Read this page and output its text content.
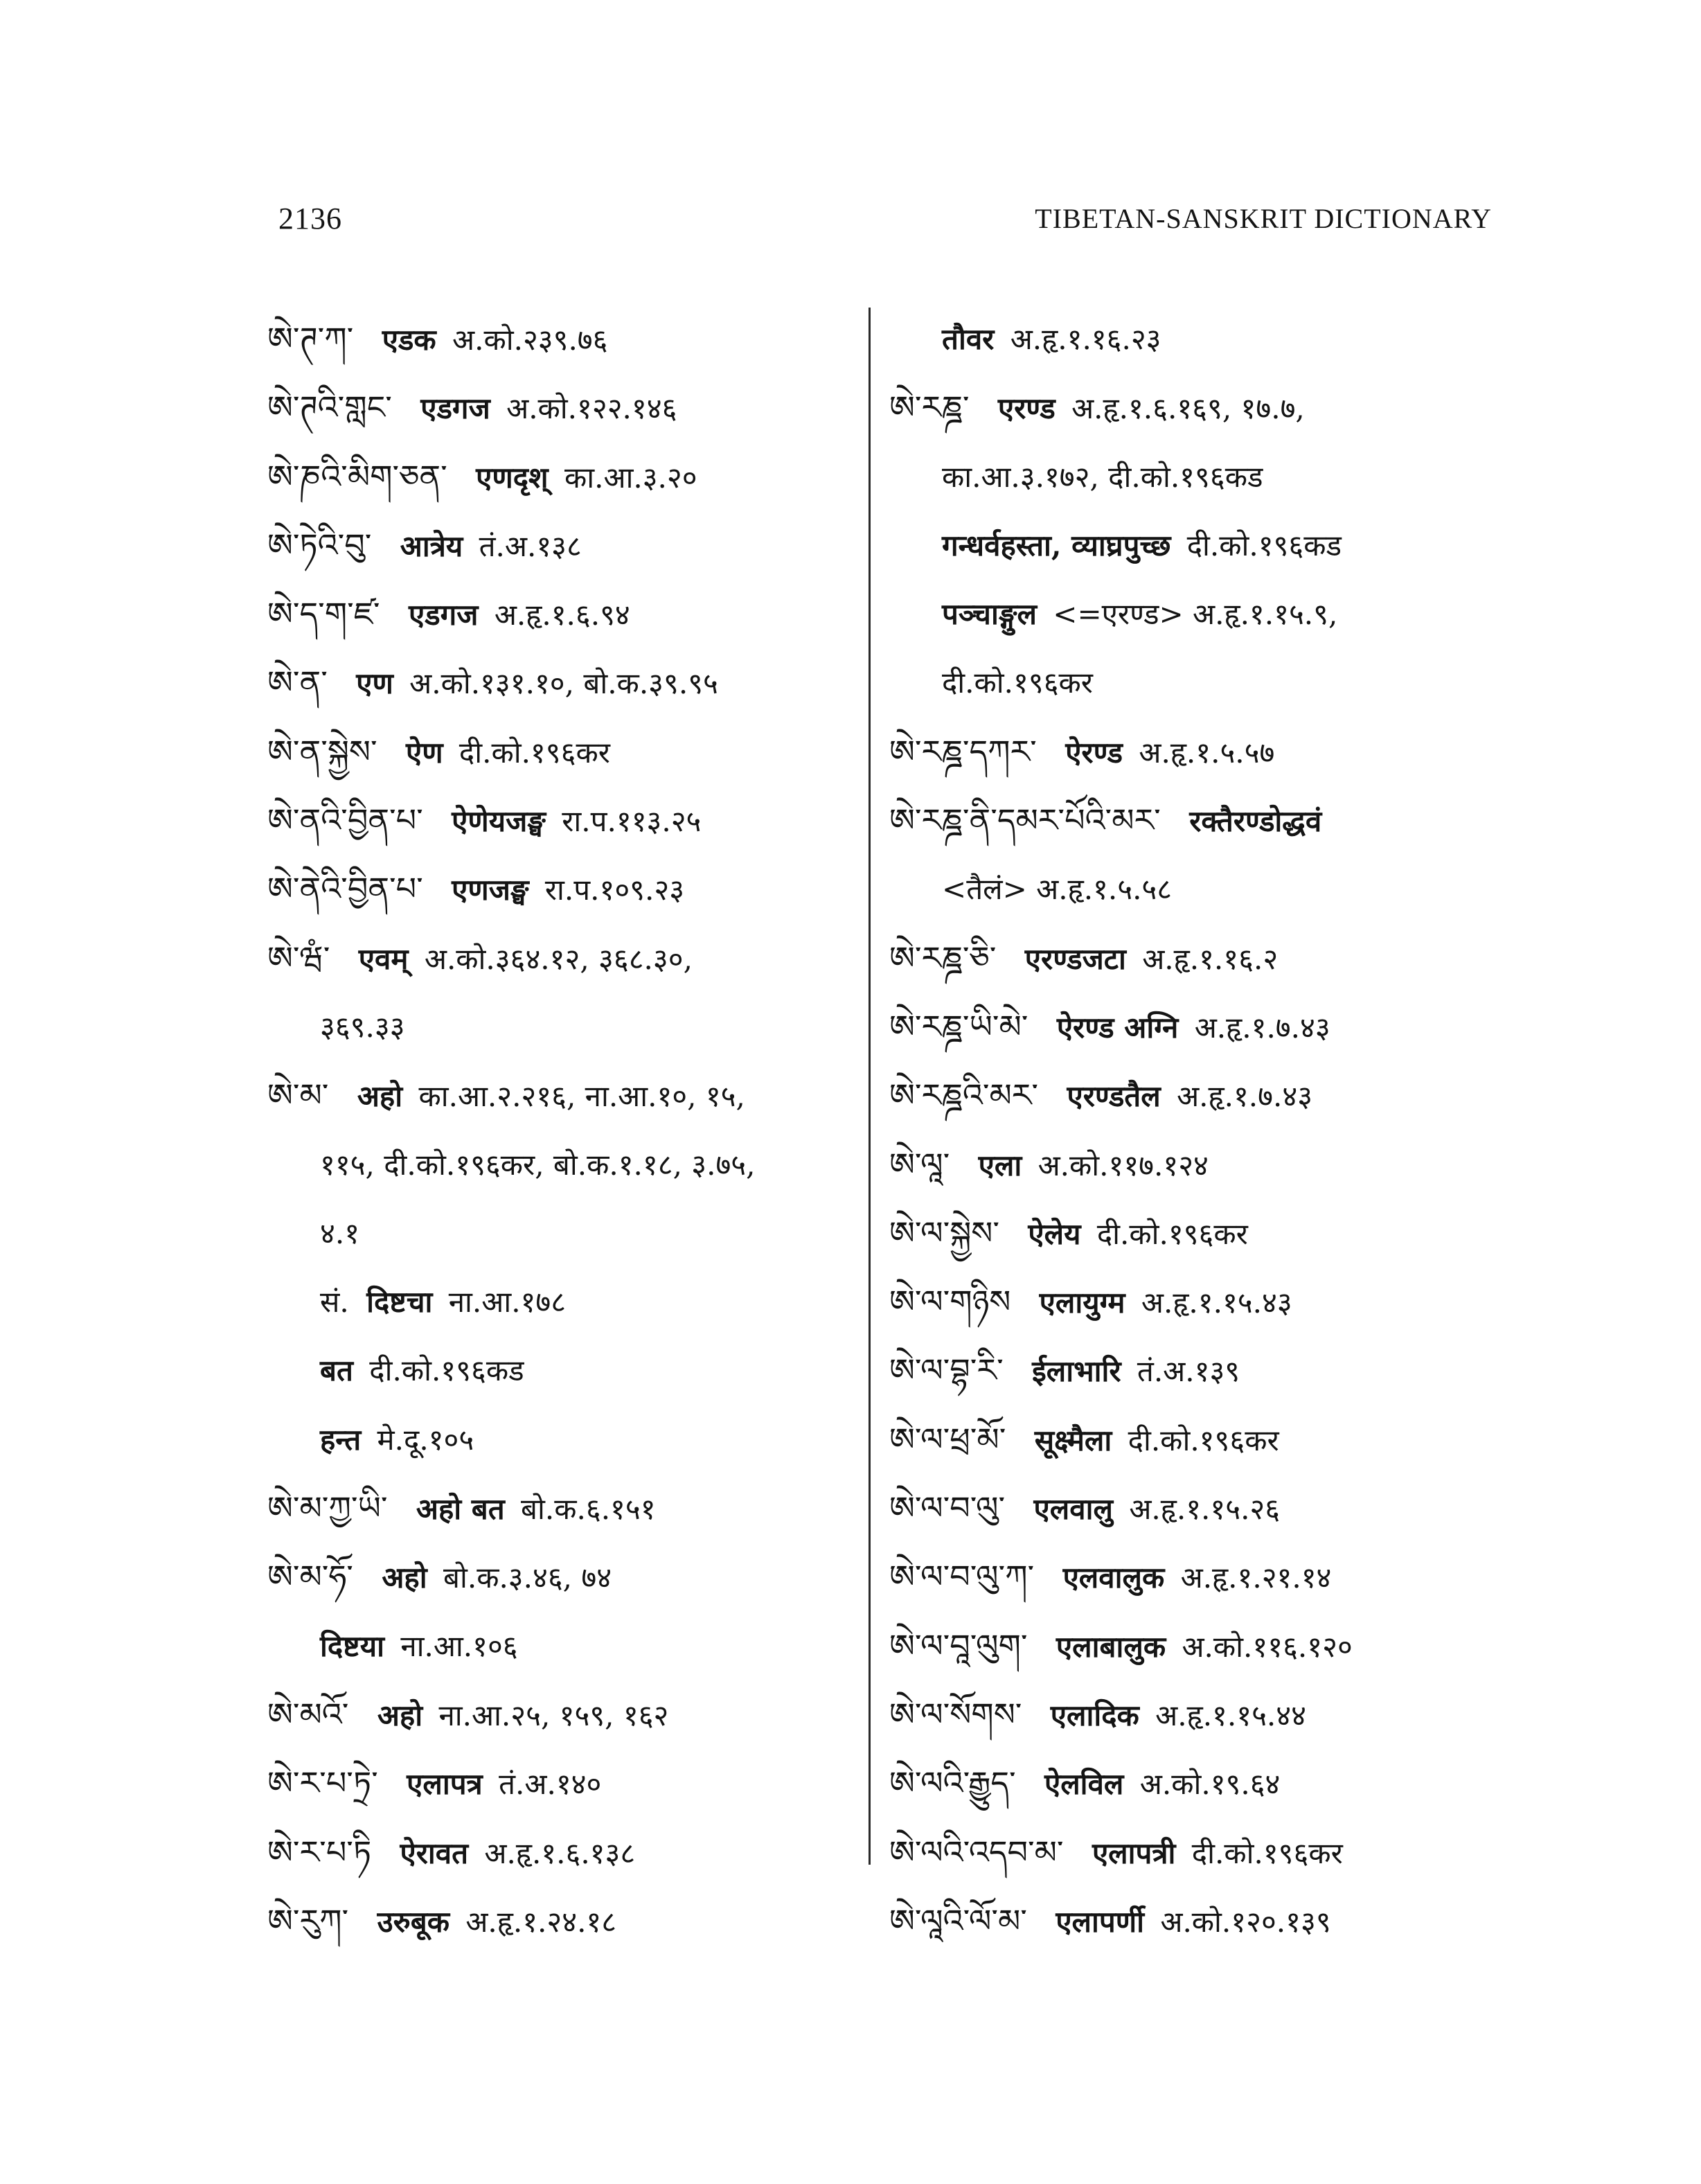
2136	TIBETAN-SANSKRIT DICTIONARY
ཨེ་ཊ་ཀ་ एडक अ.को.२३९.७६
ཨེ་ཊའི་གླང་ एडगज अ.को.१२२.१४६
ཨེ་ཎའི་མིག་ཅན་ एणदृश् का.आ.३.२०
ཨེ་ཏེའི་བུ་ आत्रेय तं.अ.१३८
ཨེ་ད་ག་ཛ་ एडगज अ.हृ.१.६.९४
ཨེ་ན་ एण अ.को.१३१.१०, बो.क.३९.९५
ཨེ་ན་སྐྱེས་ ऐण दी.को.१९६कर
ཨེ་ནའི་བྱིན་པ་ ऐणेयजङ्घ रा.प.११३.२५
ཨེ་ནེའི་བྱིན་པ་ एणजङ्घ रा.प.१०९.२३
ཨེ་ཝཾ་ एवम् अ.को.३६४.१२, ३६८.३०,
३६९.३३
ཨེ་མ་ अहो का.आ.२.२१६, ना.आ.१०, १५,
११५, दी.को.१९६कर, बो.क.१.१८, ३.७५,
४.१
सं. दिष्टचा ना.आ.१७८
बत दी.को.१९६कड
हन्त मे.दू.१०५
ཨེ་མ་ཀྱ་ཡི་ अहो बत बो.क.६.१५१
ཨེ་མ་ཧོ་ अहो बो.क.३.४६, ७४
दिष्टया ना.आ.१०६
ཨེ་མའོ་ अहो ना.आ.२५, १५९, १६२
ཨེ་ར་པ་ཏྲེ་ एलापत्र तं.अ.१४०
ཨེ་ར་པ་ཏི ऐरावत अ.हृ.१.६.१३८
ཨེ་རུཀ་ उरुबूक अ.हृ.१.२४.१८
तौवर अ.हृ.१.१६.२३
ཨེ་རཎྜ་ एरण्ड अ.हृ.१.६.१६९, १७.७,
का.आ.३.१७२, दी.को.१९६कड
गन्धर्वहस्ता, व्याघ्रपुच्छ दी.को.१९६कड
पञ्चाङ्गुल <=एरण्ड> अ.हृ.१.१५.९,
दी.को.१९६कर
ཨེ་རཎྜ་དཀར་ ऐरण्ड अ.हृ.१.५.५७
ཨེ་རཎྜ་ནི་དམར་པོའི་མར་ रक्तैरण्डोद्धवं
<तैलं> अ.हृ.१.५.५८
ཨེ་རཎྜ་ཅི་ एरण्डजटा अ.हृ.१.१६.२
ཨེ་རཎྜ་ཡི་མེ་ ऐरण्ड अग्नि अ.हृ.१.७.४३
ཨེ་རཎྜའི་མར་ एरण्डतैल अ.हृ.१.७.४३
ཨེ་ལཱ་ एला अ.को.११७.१२४
ཨེ་ལ་སྐྱེས་ ऐलेय दी.को.१९६कर
ཨེ་ལ་གཉིས एलायुग्म अ.हृ.१.१५.४३
ཨེ་ལ་བྷ་རི་ ईलाभारि तं.अ.१३९
ཨེ་ལ་ཕྲ་མོ་ सूक्ष्मैला दी.को.१९६कर
ཨེ་ལ་བ་ལུ་ एलवालु अ.हृ.१.१५.२६
ཨེ་ལ་བ་ལུ་ཀ་ एलवालुक अ.हृ.१.२१.१४
ཨེ་ལ་བཱ་ལུག་ एलाबालुक अ.को.११६.१२०
ཨེ་ལ་སོགས་ एलादिक अ.हृ.१.१५.४४
ཨེ་ལའི་རྒྱུད་ ऐलविल अ.को.१९.६४
ཨེ་ལའི་འདབ་མ་ एलापत्री दी.को.१९६कर
ཨེ་ལཱའི་ལོ་མ་ एलापर्णी अ.को.१२०.१३९
